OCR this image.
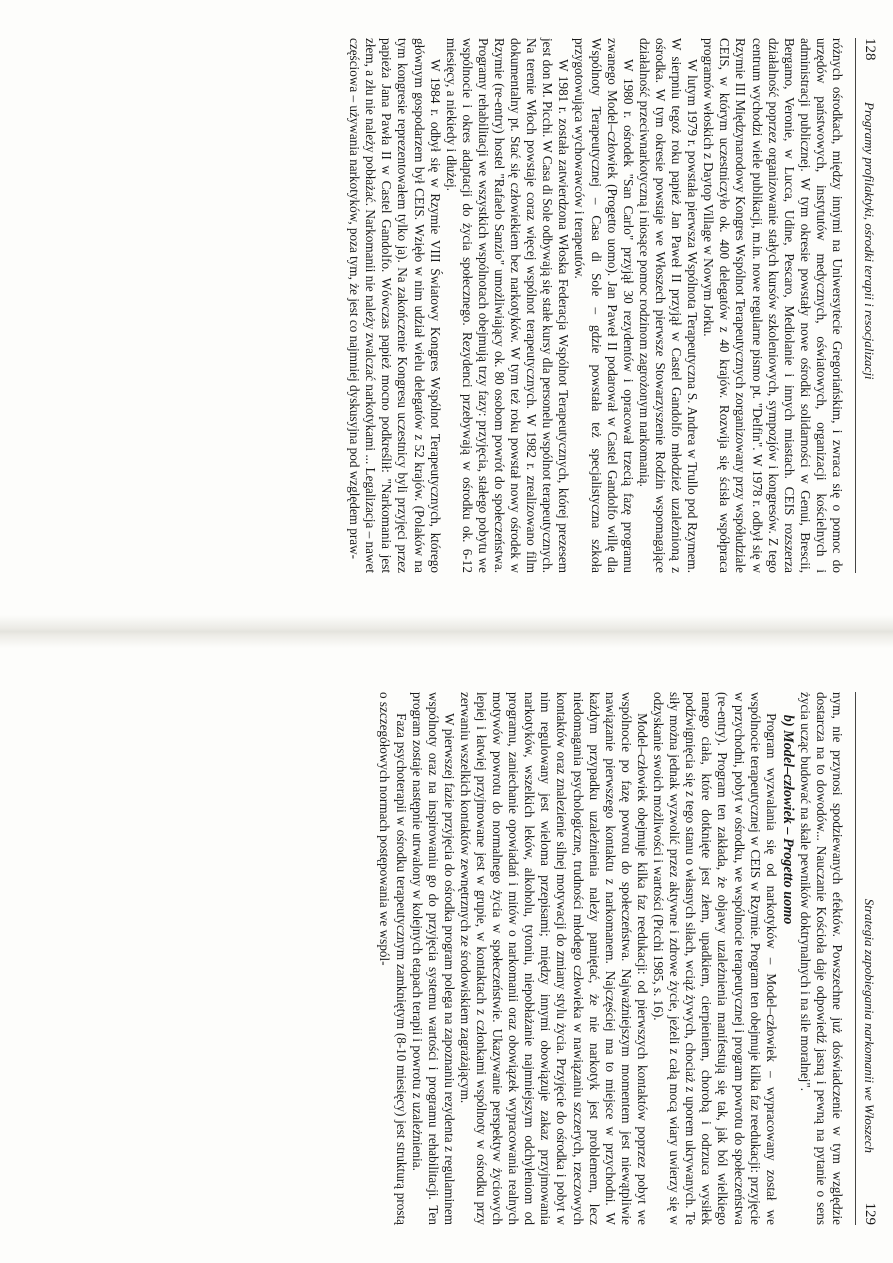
128
Programy profilaktyki, ośrodki terapii i resocjalizacji

różnych ośrodkach, między innymi na Uniwersytecie Gregoriańskim, i zwraca się o pomoc do urzędów państwowych, instytutów medycznych, oświatowych, organizacji kościelnych i administracji publicznej. W tym okresie powstały nowe ośrodki solidarności w Genui, Brescii, Bergamo, Veronie, w Lucca, Udine, Pescaro, Mediolanie i innych miastach. CEIS rozszerza działalność poprzez organizowanie stałych kursów szkoleniowych, sympozjów i kongresów. Z tego centrum wychodzi wiele publikacji, m.in. nowe regularne pismo pt. "Delfin". W 1978 r. odbył się w Rzymie III Międzynarodowy Kongres Wspólnot Terapeutycznych zorganizowany przy współudziale CEIS, w którym uczestniczyło ok. 400 delegatów z 40 krajów. Rozwija się ścisła współpraca programów włoskich z Daytop Village w Nowym Jorku.

W lutym 1979 r. powstała pierwsza Wspólnota Terapeutyczna S. Andrea w Trullo pod Rzymem. W sierpniu tegoż roku papież Jan Paweł II przyjął w Castel Gandolfo młodzież uzależnioną z ośrodka. W tym okresie powstaje we Włoszech pierwsze Stowarzyszenie Rodzin wspomagające działalność przeciwnarkotyczną i niosące pomoc rodzinom zagrożonym narkomanią.

W 1980 r. ośrodek "San Carlo" przyjął 30 rezydentów i opracował trzecią fazę programu zwanego Model–człowiek (Progetto uomo). Jan Paweł II podarował w Castel Gandolfo willę dla Wspólnoty Terapeutycznej – Casa di Sole – gdzie powstała też specjalistyczna szkoła przygotowująca wychowawców i terapeutów.

W 1981 r. została zatwierdzona Włoska Federacja Wspólnot Terapeutycznych, której prezesem jest don M. Picchi. W Casa di Sole odbywają się stałe kursy dla personelu wspólnot terapeutycznych. Na terenie Włoch powstaje coraz więcej wspólnot terapeutycznych. W 1982 r. zrealizowano film dokumentalny pt. Stać się człowiekiem bez narkotyków. W tym też roku powstał nowy ośrodek w Rzymie (re-entry) hostel "Rafaelo Sanzio" umożliwiający ok. 80 osobom powrót do społeczeństwa. Programy rehabilitacji we wszystkich wspólnotach obejmują trzy fazy: przyjęcia, stałego pobytu we wspólnocie i okres adaptacji do życia społecznego. Rezydenci przebywają w ośrodku ok. 6-12 miesięcy, a niekiedy i dłużej.

W 1984 r. odbył się w Rzymie VIII Światowy Kongres Wspólnot Terapeutycznych, którego głównym gospodarzem był CEIS. Wzięło w nim udział wielu delegatów z 52 krajów. (Polaków na tym kongresie reprezentowałem tylko ja). Na zakończenie Kongresu uczestnicy byli przyjęci przez papieża Jana Pawła II w Castel Gandolfo. Wówczas papież mocno podkreślił: "Narkomania jest złem, a złu nie należy pobłażać. Narkomanii nie należy zwalczać narkotykami ... Legalizacja – nawet częściowa – używania narkotyków, poza tym, że jest co najmniej dyskusyjna pod względem praw-

Strategia zapobiegania narkomanii we Włoszech
129

nym, nie przynosi spodziewanych efektów. Powszechne już doświadczenie w tym względzie dostarcza na to dowodów... Nauczanie Kościoła daje odpowiedź jasną i pewną na pytanie o sens życia ucząc budować na skale pewników doktrynalnych i na sile moralnej".

b) Model–człowiek – Progetto uomo

Program wyzwalania się od narkotyków – Model–człowiek – wypracowany został we wspólnocie terapeutycznej w CEIS w Rzymie. Program ten obejmuje kilka faz reedukacji: przyjęcie w przychodni, pobyt w ośrodku, we wspólnocie terapeutycznej i program powrotu do społeczeństwa (re-entry). Program ten zakłada, że objawy uzależnienia manifestują się tak, jak ból wielkiego ranego ciała, które dotknięte jest złem, upadkiem, cierpieniem, chorobą i odrzuca wysiłek podźwignięcia się z tego stanu o własnych siłach, wciąż żywych, chociaż z uporem ukrywanych. Te siły można jednak wyzwolić przez aktywne i zdrowe życie, jeżeli z całą mocą wiary uwierzy się w odzyskanie swoich możliwości i wartości (Picchi 1985, s. 16).

Model–człowiek obejmuje kilka faz reedukacji: od pierwszych kontaktów poprzez pobyt we wspólnocie po fazę powrotu do społeczeństwa. Najważniejszym momentem jest niewątpliwie nawiązanie pierwszego kontaktu z narkomanem. Najczęściej ma to miejsce w przychodni. W każdym przypadku uzależnienia należy pamiętać, że nie narkotyk jest problemem, lecz niedomagania psychologiczne, trudności młodego człowieka w nawiązaniu szczerych, rzeczowych kontaktów oraz znalezienie silnej motywacji do zmiany stylu życia. Przyjęcie do ośrodka i pobyt w nim regulowany jest wieloma przepisami; między innymi obowiązuje zakaz przyjmowania narkotyków, wszelkich leków, alkoholu, tytoniu, niepobłażanie najmniejszym odchyleniom od programu, zaniechanie opowiadań i mitów o narkomanii oraz obowiązek wypracowania realnych motywów powrotu do normalnego życia w społeczeństwie. Ukazywanie perspektyw życiowych lepiej i łatwiej przyjmowane jest w grupie, w kontaktach z członkami wspólnoty w ośrodku przy zerwaniu wszelkich kontaktów zewnętrznych ze środowiskiem zagrażającym.

W pierwszej fazie przyjęcia do ośrodka program polega na zapoznaniu rezydenta z regulaminem wspólnoty oraz na inspirowaniu go do przyjęcia systemu wartości i programu rehabilitacji. Ten program zostaje następnie utrwalony w kolejnych etapach terapii i powrotu z uzależnienia.

Faza psychoterapii w ośrodku terapeutycznym zamkniętym (8-10 miesięcy) jest strukturą prostą o szczegółowych normach postępowania we wspól-
